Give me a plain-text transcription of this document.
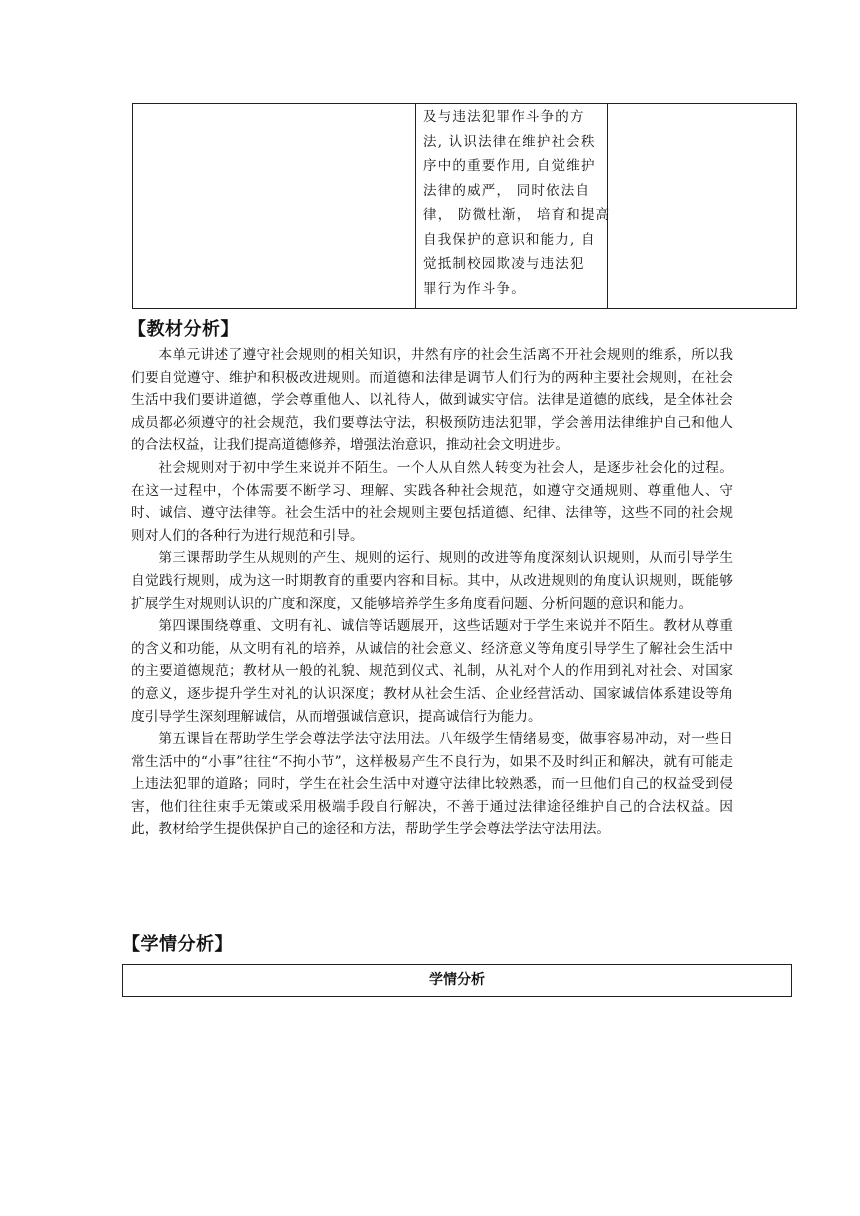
及与违法犯罪作斗争的方
法, 认识法律在维护社会秩
序中的重要作用, 自觉维护
法律的威严， 同时依法自
律， 防微杜渐， 培育和提高
自我保护的意识和能力, 自
觉抵制校园欺凌与违法犯
罪行为作斗争。

【教材分析】

本单元讲述了遵守社会规则的相关知识，井然有序的社会生活离不开社会规则的维系，所以我们要自觉遵守、维护和积极改进规则。而道德和法律是调节人们行为的两种主要社会规则，在社会生活中我们要讲道德，学会尊重他人、以礼待人，做到诚实守信。法律是道德的底线，是全体社会成员都必须遵守的社会规范，我们要尊法守法，积极预防违法犯罪，学会善用法律维护自己和他人的合法权益，让我们提高道德修养，增强法治意识，推动社会文明进步。

社会规则对于初中学生来说并不陌生。一个人从自然人转变为社会人，是逐步社会化的过程。在这一过程中，个体需要不断学习、理解、实践各种社会规范，如遵守交通规则、尊重他人、守时、诚信、遵守法律等。社会生活中的社会规则主要包括道德、纪律、法律等，这些不同的社会规则对人们的各种行为进行规范和引导。

第三课帮助学生从规则的产生、规则的运行、规则的改进等角度深刻认识规则，从而引导学生自觉践行规则，成为这一时期教育的重要内容和目标。其中，从改进规则的角度认识规则，既能够扩展学生对规则认识的广度和深度，又能够培养学生多角度看问题、分析问题的意识和能力。

第四课围绕尊重、文明有礼、诚信等话题展开，这些话题对于学生来说并不陌生。教材从尊重的含义和功能，从文明有礼的培养，从诚信的社会意义、经济意义等角度引导学生了解社会生活中的主要道德规范；教材从一般的礼貌、规范到仪式、礼制，从礼对个人的作用到礼对社会、对国家的意义，逐步提升学生对礼的认识深度；教材从社会生活、企业经营活动、国家诚信体系建设等角度引导学生深刻理解诚信，从而增强诚信意识，提高诚信行为能力。

第五课旨在帮助学生学会尊法学法守法用法。八年级学生情绪易变，做事容易冲动，对一些日常生活中的“小事”往往“不拘小节”，这样极易产生不良行为，如果不及时纠正和解决，就有可能走上违法犯罪的道路；同时，学生在社会生活中对遵守法律比较熟悉，而一旦他们自己的权益受到侵害，他们往往束手无策或采用极端手段自行解决，不善于通过法律途径维护自己的合法权益。因此，教材给学生提供保护自己的途径和方法，帮助学生学会尊法学法守法用法。

【学情分析】
学情分析
